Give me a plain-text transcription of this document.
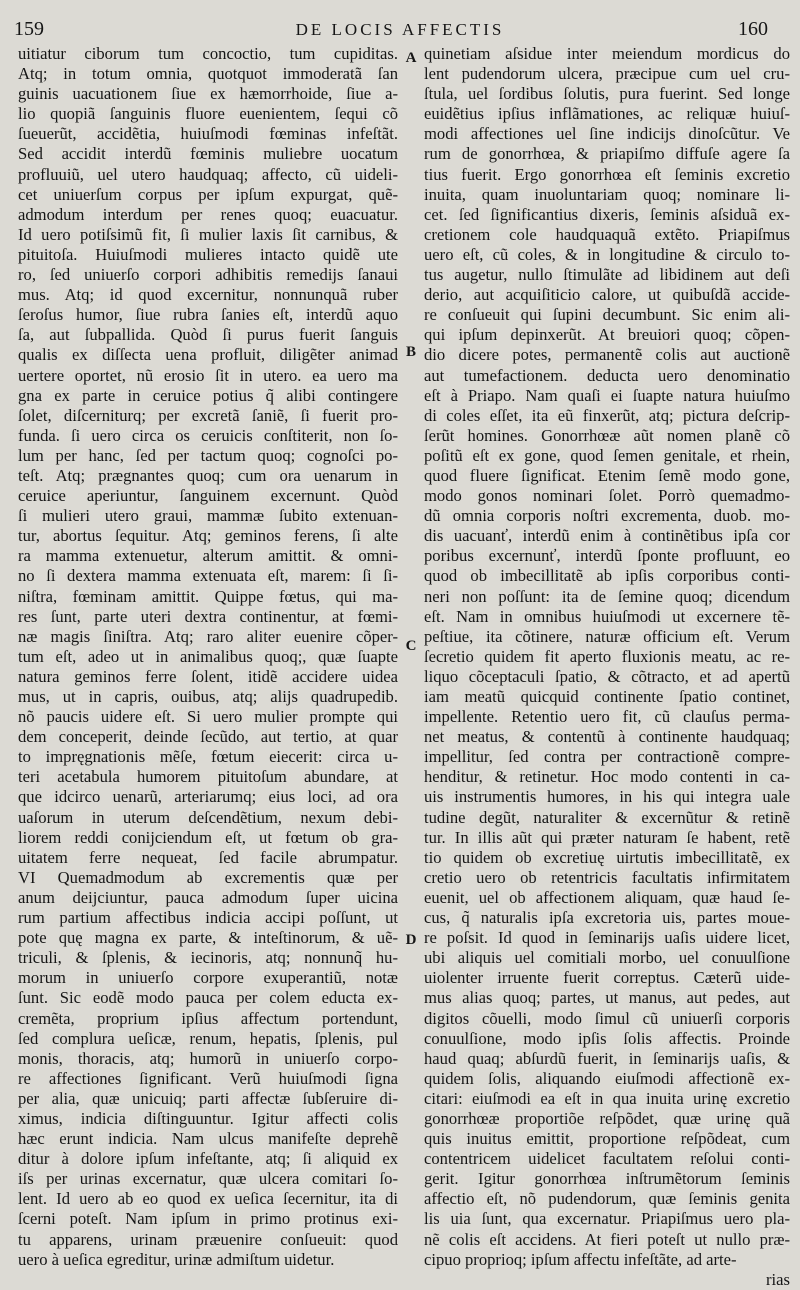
159	DE LOCIS AFFECTIS	160
uitiatur ciborum tum concoctio, tum cupiditas.
Atq; in totum omnia, quotquot immoderatã ſan
guinis uacuationem ſiue ex hæmorrhoide, ſiue a-
lio quopiã ſanguinis fluore euenientem, ſequi cõ
ſueuerũt, accidẽtia, huiuſmodi fœminas infeſtãt.
Sed accidit interdũ fœminis muliebre uocatum
profluuiũ, uel utero haudquaq; affecto, cũ uideli-
cet uniuerſum corpus per ipſum expurgat, quẽ-
admodum interdum per renes quoq; euacuatur.
Id uero potiſsimũ fit, ſi mulier laxis ſit carnibus, &
pituitoſa. Huiuſmodi mulieres intacto quidẽ ute
ro, ſed uniuerſo corpori adhibitis remedijs ſanaui
mus. Atq; id quod excernitur, nonnunquã ruber
ſeroſus humor, ſiue rubra ſanies eſt, interdũ aquo
ſa, aut ſubpallida. Quòd ſi purus fuerit ſanguis
qualis ex diſſecta uena profluit, diligẽter animad
uertere oportet, nũ erosio ſit in utero. ea uero ma
gna ex parte in ceruice potius q̃ alibi contingere
ſolet, diſcerniturq; per excretã ſaniẽ, ſi fuerit pro-
funda. ſi uero circa os ceruicis conſtiterit, non ſo-
lum per hanc, ſed per tactum quoq; cognoſci po-
teſt. Atq; prægnantes quoq; cum ora uenarum in
ceruice aperiuntur, ſanguinem excernunt. Quòd
ſi mulieri utero graui, mammæ ſubito extenuan-
tur, abortus ſequitur. Atq; geminos ferens, ſi alte
ra mamma extenuetur, alterum amittit. & omni-
no ſi dextera mamma extenuata eſt, marem: ſi ſi-
niſtra, fœminam amittit. Quippe fœtus, qui ma-
res ſunt, parte uteri dextra continentur, at fœmi-
næ magis ſiniſtra. Atq; raro aliter euenire cõper-
tum eſt, adeo ut in animalibus quoq;, quæ ſuapte
natura geminos ferre ſolent, itidẽ accidere uidea
mus, ut in capris, ouibus, atq; alijs quadrupedib.
nõ paucis uidere eſt. Si uero mulier prompte qui
dem conceperit, deinde ſecũdo, aut tertio, at quar
to impręgnationis mẽſe, fœtum eiecerit: circa u-
teri acetabula humorem pituitoſum abundare, at
que idcirco uenarũ, arteriarumq; eius loci, ad ora
uaſorum in uterum deſcendẽtium, nexum debi-
liorem reddi conijciendum eſt, ut fœtum ob gra-
uitatem ferre nequeat, ſed facile abrumpatur.
VI Quemadmodum ab excrementis quæ per
anum deijciuntur, pauca admodum ſuper uicina
rum partium affectibus indicia accipi poſſunt, ut
pote quę magna ex parte, & inteſtinorum, & uẽ-
triculi, & ſplenis, & iecinoris, atq; nonnunq̃ hu-
morum in uniuerſo corpore exuperantiũ, notæ
ſunt. Sic eodẽ modo pauca per colem educta ex-
cremẽta, proprium ipſius affectum portendunt,
ſed complura ueſicæ, renum, hepatis, ſplenis, pul
monis, thoracis, atq; humorũ in uniuerſo corpo-
re affectiones ſignificant. Verũ huiuſmodi ſigna
per alia, quæ unicuiq; parti affectæ ſubſeruire di-
ximus, indicia diſtinguuntur. Igitur affecti colis
hæc erunt indicia. Nam ulcus manifeſte deprehẽ
ditur à dolore ipſum infeſtante, atq; ſi aliquid ex
iſs per urinas excernatur, quæ ulcera comitari ſo-
lent. Id uero ab eo quod ex ueſica ſecernitur, ita di
ſcerni poteſt. Nam ipſum in primo protinus exi-
tu apparens, urinam præuenire conſueuit: quod
uero à ueſica egreditur, urinæ admiſtum uidetur.
quinetiam aſsidue inter meiendum mordicus do
lent pudendorum ulcera, præcipue cum uel cru-
ſtula, uel ſordibus ſolutis, pura fuerint. Sed longe
euidẽtius ipſius inflãmationes, ac reliquæ huiuſ-
modi affectiones uel ſine indicijs dinoſcũtur. Ve
rum de gonorrhœa, & priapiſmo diffuſe agere ſa
tius fuerit. Ergo gonorrhœa eſt ſeminis excretio
inuita, quam inuoluntariam quoq; nominare li-
cet. ſed ſignificantius dixeris, ſeminis aſsiduã ex-
cretionem cole haudquaquã extẽto. Priapiſmus
uero eſt, cũ coles, & in longitudine & circulo to-
tus augetur, nullo ſtimulãte ad libidinem aut deſi
derio, aut acquiſiticio calore, ut quibuſdã accide-
re conſueuit qui ſupini decumbunt. Sic enim ali-
qui ipſum depinxerũt. At breuiori quoq; cõpen-
dio dicere potes, permanentẽ colis aut auctionẽ
aut tumefactionem. deducta uero denominatio
eſt à Priapo. Nam quaſi ei ſuapte natura huiuſmo
di coles eſſet, ita eũ finxerũt, atq; pictura deſcrip-
ſerũt homines. Gonorrhœæ aũt nomen planẽ cõ
poſitũ eſt ex gone, quod ſemen genitale, et rhein,
quod fluere ſignificat. Etenim ſemẽ modo gone,
modo gonos nominari ſolet. Porrò quemadmo-
dũ omnia corporis noſtri excrementa, duob. mo-
dis uacuanť, interdũ enim à continẽtibus ipſa cor
poribus excernunť, interdũ ſponte profluunt, eo
quod ob imbecillitatẽ ab ipſis corporibus conti-
neri non poſſunt: ita de ſemine quoq; dicendum
eſt. Nam in omnibus huiuſmodi ut excernere tẽ-
peſtiue, ita cõtinere, naturæ officium eſt. Verum
ſecretio quidem fit aperto fluxionis meatu, ac re-
liquo cõceptaculi ſpatio, & cõtracto, et ad apertũ
iam meatũ quicquid continente ſpatio continet,
impellente. Retentio uero fit, cũ clauſus perma-
net meatus, & contentũ à continente haudquaq;
impellitur, ſed contra per contractionẽ compre-
henditur, & retinetur. Hoc modo contenti in ca-
uis instrumentis humores, in his qui integra uale
tudine degũt, naturaliter & excernũtur & retinẽ
tur. In illis aũt qui præter naturam ſe habent, retẽ
tio quidem ob excretiuę uirtutis imbecillitatẽ, ex
cretio uero ob retentricis facultatis infirmitatem
euenit, uel ob affectionem aliquam, quæ haud ſe-
cus, q̃ naturalis ipſa excretoria uis, partes moue-
re poſsit. Id quod in ſeminarijs uaſis uidere licet,
ubi aliquis uel comitiali morbo, uel conuulſione
uiolenter irruente fuerit correptus. Cæterũ uide-
mus alias quoq; partes, ut manus, aut pedes, aut
digitos cõuelli, modo ſimul cũ uniuerſi corporis
conuulſione, modo ipſis ſolis affectis. Proinde
haud quaq; abſurdũ fuerit, in ſeminarijs uaſis, &
quidem ſolis, aliquando eiuſmodi affectionẽ ex-
citari: eiuſmodi ea eſt in qua inuita urinę excretio
gonorrhœæ proportiõe reſpõdet, quæ urinę quã
quis inuitus emittit, proportione reſpõdeat, cum
contentricem uidelicet facultatem reſolui conti-
gerit. Igitur gonorrhœa inſtrumẽtorum ſeminis
affectio eſt, nõ pudendorum, quæ ſeminis genita
lis uia ſunt, qua excernatur. Priapiſmus uero pla-
nẽ colis eſt accidens. At fieri poteſt ut nullo præ-
cipuo proprioq; ipſum affectu infeſtãte, ad arte-
rias
A
B
C
D
